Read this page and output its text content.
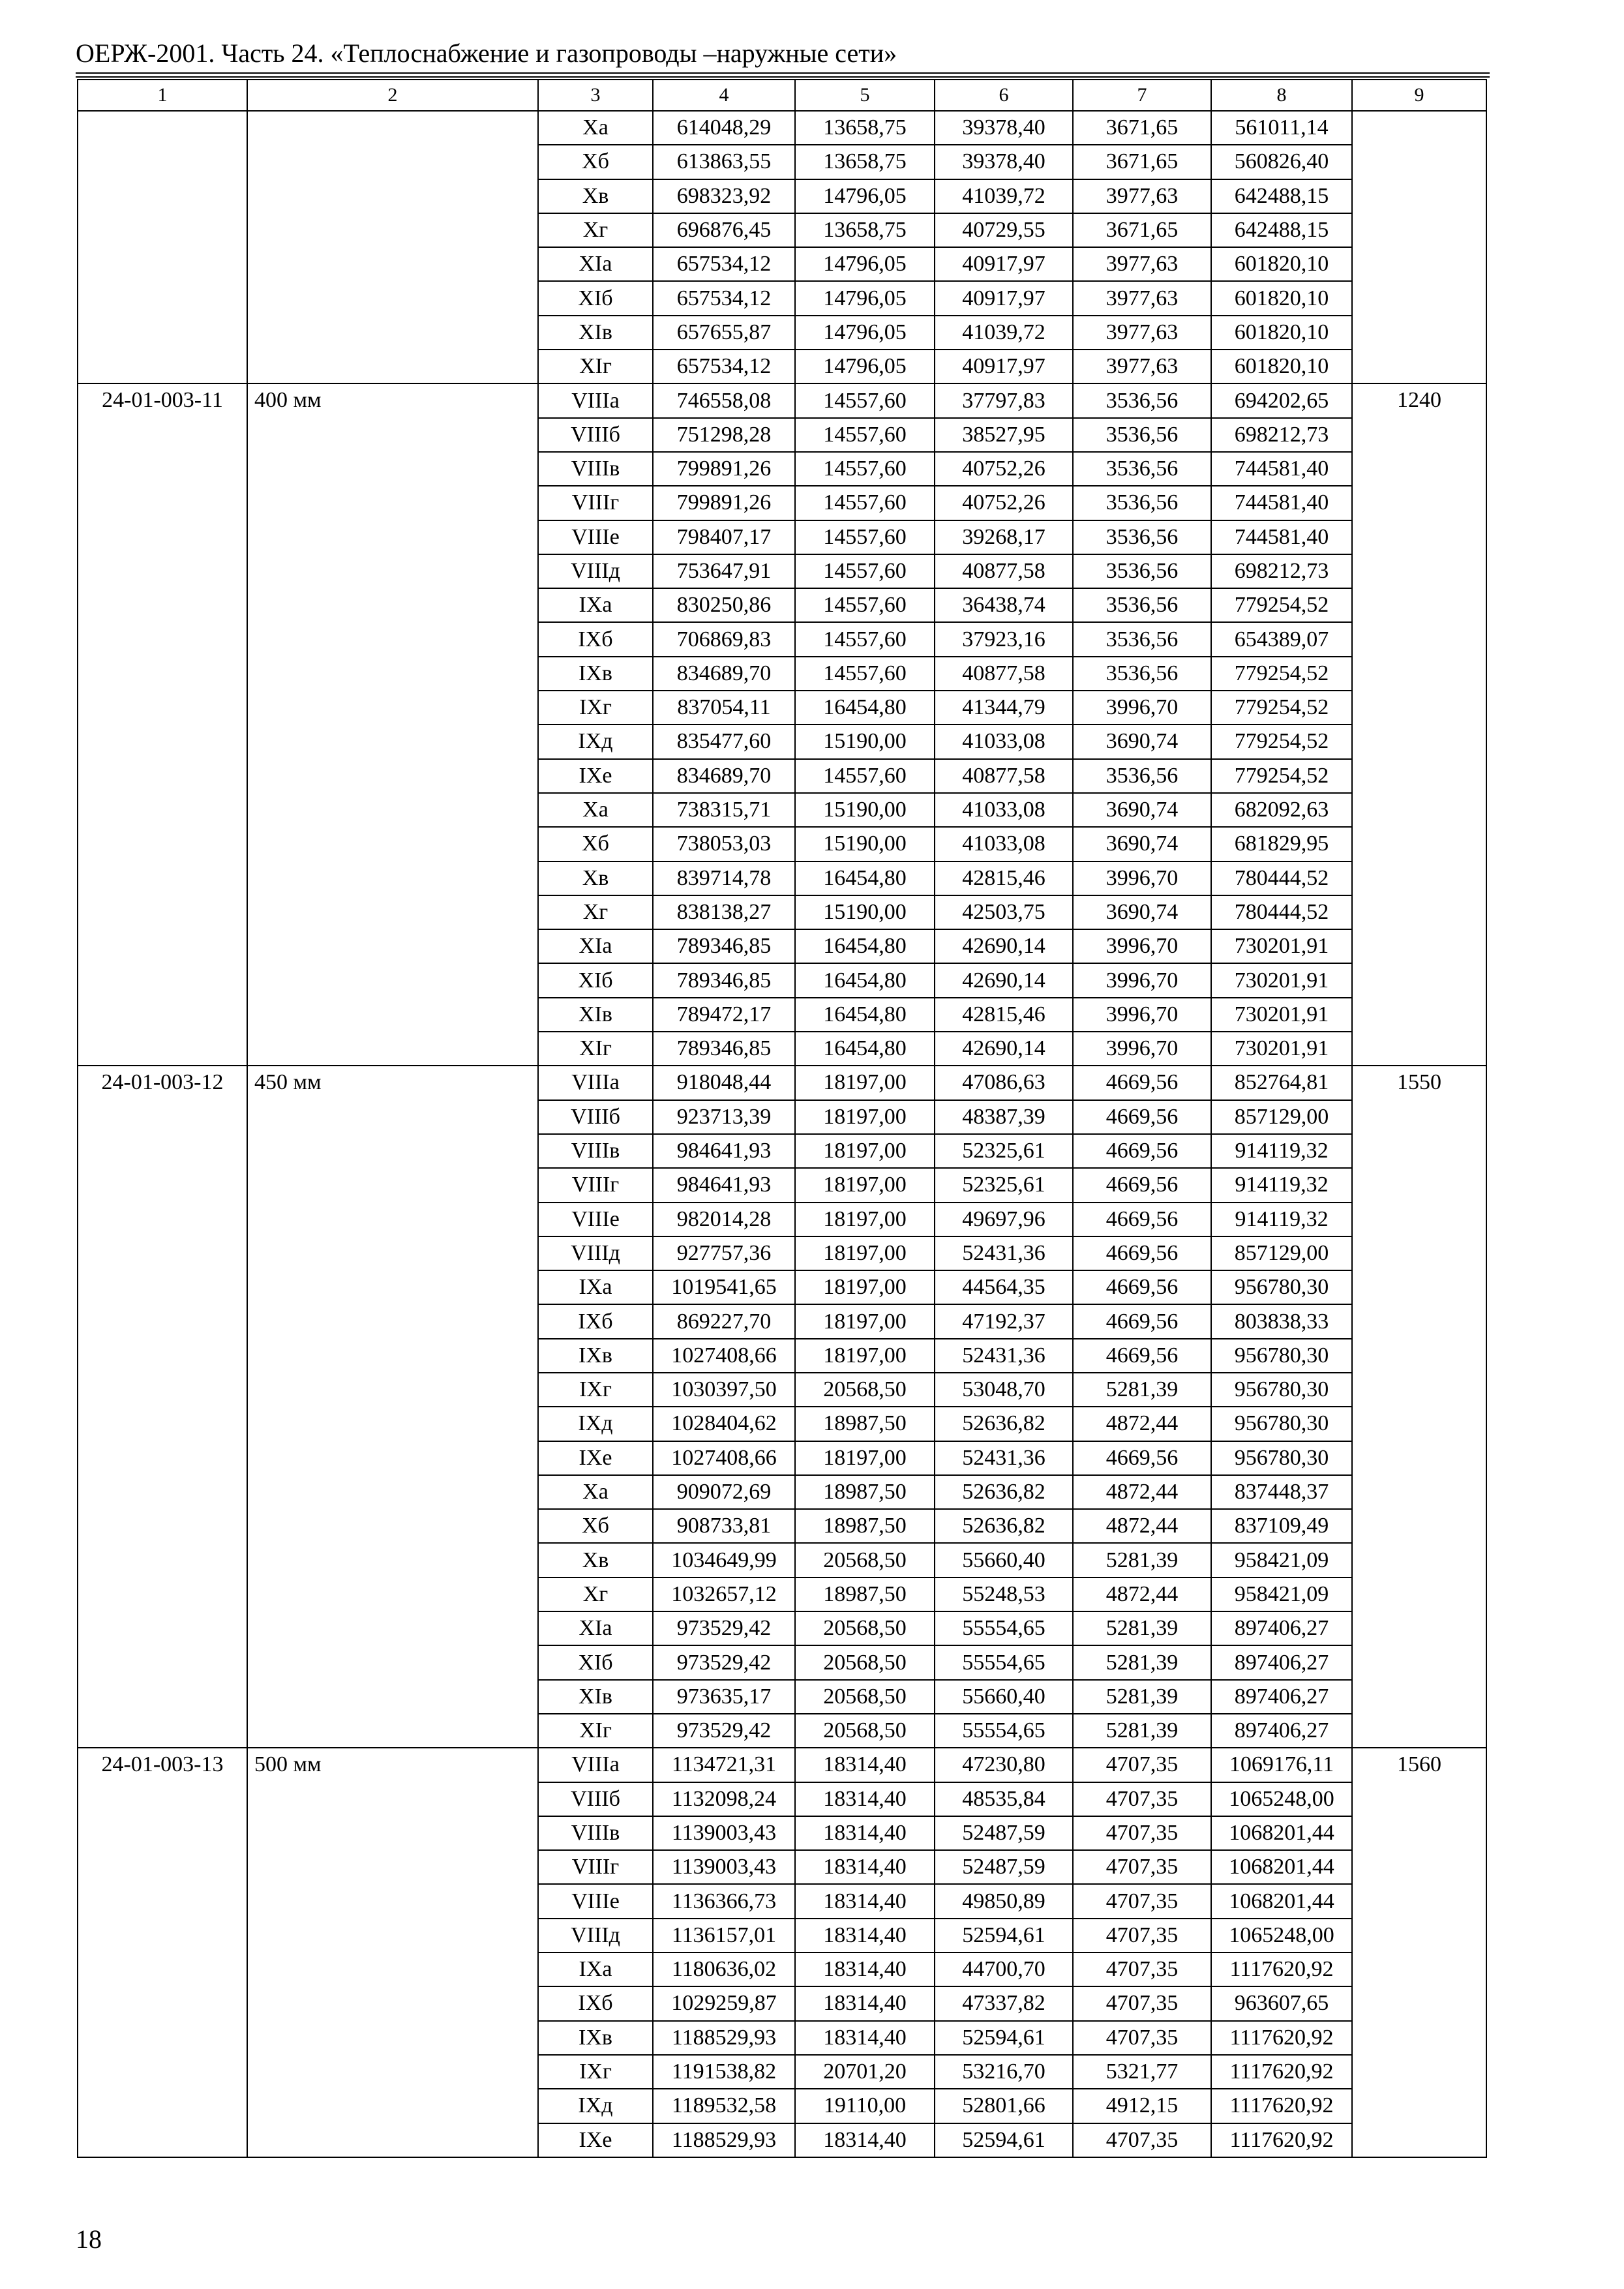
ОЕРЖ-2001. Часть 24. «Теплоснабжение и газопроводы –наружные сети»
1	2	3	4	5	6	7	8	9
		Ха	614048,29	13658,75	39378,40	3671,65	561011,14	
		Хб	613863,55	13658,75	39378,40	3671,65	560826,40	
		Хв	698323,92	14796,05	41039,72	3977,63	642488,15	
		Хг	696876,45	13658,75	40729,55	3671,65	642488,15	
		ХIа	657534,12	14796,05	40917,97	3977,63	601820,10	
		ХIб	657534,12	14796,05	40917,97	3977,63	601820,10	
		ХIв	657655,87	14796,05	41039,72	3977,63	601820,10	
		ХIг	657534,12	14796,05	40917,97	3977,63	601820,10	
24-01-003-11	400 мм	VIIIа	746558,08	14557,60	37797,83	3536,56	694202,65	1240
		VIIIб	751298,28	14557,60	38527,95	3536,56	698212,73	
		VIIIв	799891,26	14557,60	40752,26	3536,56	744581,40	
		VIIIг	799891,26	14557,60	40752,26	3536,56	744581,40	
		VIIIе	798407,17	14557,60	39268,17	3536,56	744581,40	
		VIIIд	753647,91	14557,60	40877,58	3536,56	698212,73	
		IXа	830250,86	14557,60	36438,74	3536,56	779254,52	
		IXб	706869,83	14557,60	37923,16	3536,56	654389,07	
		IXв	834689,70	14557,60	40877,58	3536,56	779254,52	
		IXг	837054,11	16454,80	41344,79	3996,70	779254,52	
		IXд	835477,60	15190,00	41033,08	3690,74	779254,52	
		IXе	834689,70	14557,60	40877,58	3536,56	779254,52	
		Ха	738315,71	15190,00	41033,08	3690,74	682092,63	
		Хб	738053,03	15190,00	41033,08	3690,74	681829,95	
		Хв	839714,78	16454,80	42815,46	3996,70	780444,52	
		Хг	838138,27	15190,00	42503,75	3690,74	780444,52	
		ХIа	789346,85	16454,80	42690,14	3996,70	730201,91	
		ХIб	789346,85	16454,80	42690,14	3996,70	730201,91	
		ХIв	789472,17	16454,80	42815,46	3996,70	730201,91	
		ХIг	789346,85	16454,80	42690,14	3996,70	730201,91	
24-01-003-12	450 мм	VIIIа	918048,44	18197,00	47086,63	4669,56	852764,81	1550
		VIIIб	923713,39	18197,00	48387,39	4669,56	857129,00	
		VIIIв	984641,93	18197,00	52325,61	4669,56	914119,32	
		VIIIг	984641,93	18197,00	52325,61	4669,56	914119,32	
		VIIIе	982014,28	18197,00	49697,96	4669,56	914119,32	
		VIIIд	927757,36	18197,00	52431,36	4669,56	857129,00	
		IXа	1019541,65	18197,00	44564,35	4669,56	956780,30	
		IXб	869227,70	18197,00	47192,37	4669,56	803838,33	
		IXв	1027408,66	18197,00	52431,36	4669,56	956780,30	
		IXг	1030397,50	20568,50	53048,70	5281,39	956780,30	
		IXд	1028404,62	18987,50	52636,82	4872,44	956780,30	
		IXе	1027408,66	18197,00	52431,36	4669,56	956780,30	
		Ха	909072,69	18987,50	52636,82	4872,44	837448,37	
		Хб	908733,81	18987,50	52636,82	4872,44	837109,49	
		Хв	1034649,99	20568,50	55660,40	5281,39	958421,09	
		Хг	1032657,12	18987,50	55248,53	4872,44	958421,09	
		ХIа	973529,42	20568,50	55554,65	5281,39	897406,27	
		ХIб	973529,42	20568,50	55554,65	5281,39	897406,27	
		ХIв	973635,17	20568,50	55660,40	5281,39	897406,27	
		ХIг	973529,42	20568,50	55554,65	5281,39	897406,27	
24-01-003-13	500 мм	VIIIа	1134721,31	18314,40	47230,80	4707,35	1069176,11	1560
		VIIIб	1132098,24	18314,40	48535,84	4707,35	1065248,00	
		VIIIв	1139003,43	18314,40	52487,59	4707,35	1068201,44	
		VIIIг	1139003,43	18314,40	52487,59	4707,35	1068201,44	
		VIIIе	1136366,73	18314,40	49850,89	4707,35	1068201,44	
		VIIIд	1136157,01	18314,40	52594,61	4707,35	1065248,00	
		IXа	1180636,02	18314,40	44700,70	4707,35	1117620,92	
		IXб	1029259,87	18314,40	47337,82	4707,35	963607,65	
		IXв	1188529,93	18314,40	52594,61	4707,35	1117620,92	
		IXг	1191538,82	20701,20	53216,70	5321,77	1117620,92	
		IXд	1189532,58	19110,00	52801,66	4912,15	1117620,92	
		IXе	1188529,93	18314,40	52594,61	4707,35	1117620,92	
18
